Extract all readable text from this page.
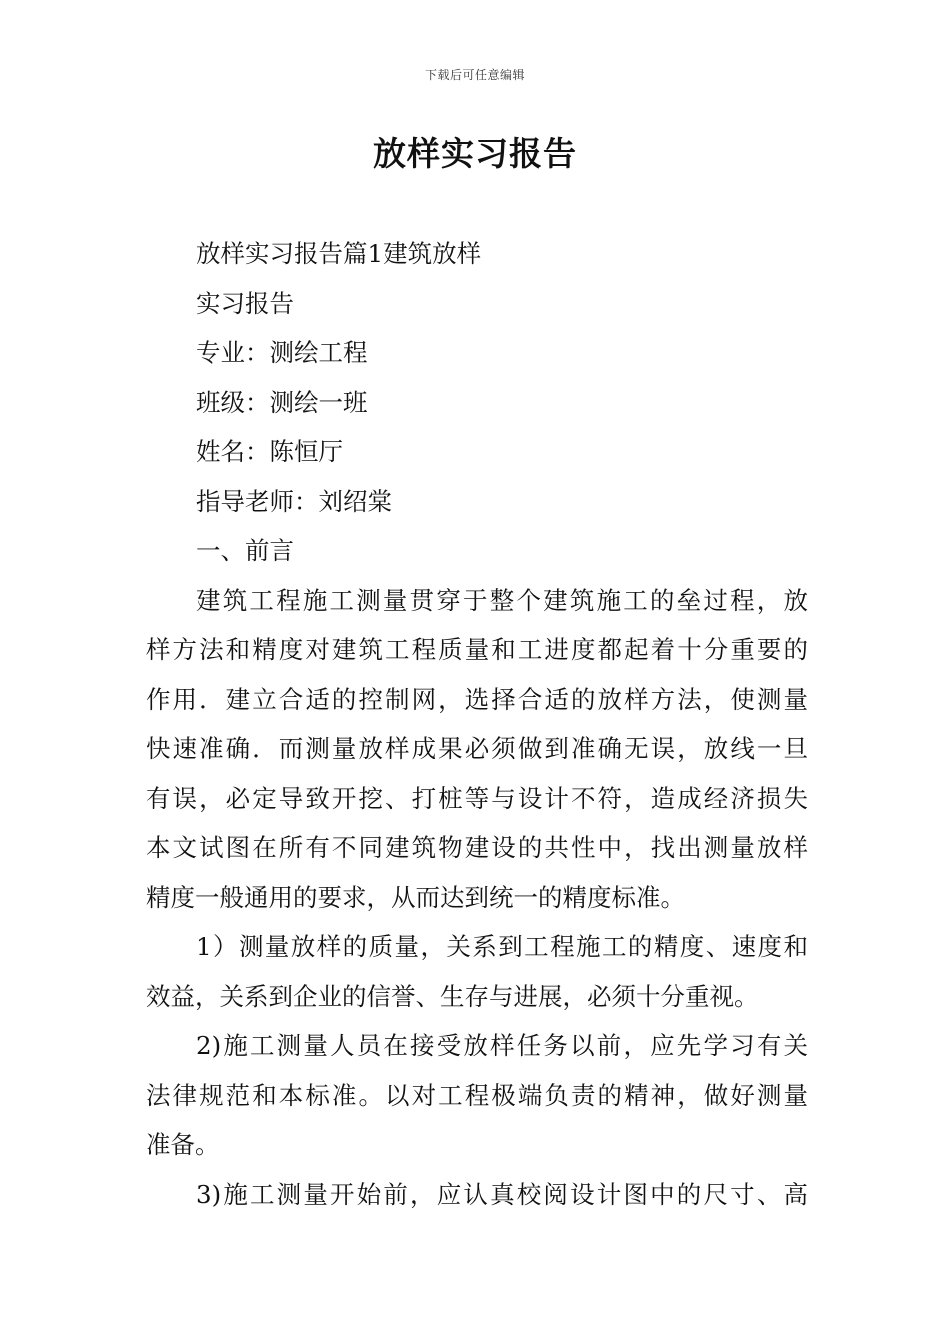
下载后可任意编辑
放样实习报告
放样实习报告篇1建筑放样
实习报告
专业：测绘工程
班级：测绘一班
姓名：陈恒厅
指导老师：刘绍棠
一、前言
建筑工程施工测量贯穿于整个建筑施工的垒过程，放
样方法和精度对建筑工程质量和工进度都起着十分重要的
作用．建立合适的控制网，选择合适的放样方法，使测量
快速准确．而测量放样成果必须做到准确无误，放线一旦
有误，必定导致开挖、打桩等与设计不符，造成经济损失
本文试图在所有不同建筑物建设的共性中，找出测量放样
精度一般通用的要求，从而达到统一的精度标准。
1）测量放样的质量，关系到工程施工的精度、速度和
效益，关系到企业的信誉、生存与进展，必须十分重视。
2)施工测量人员在接受放样任务以前，应先学习有关
法律规范和本标准。以对工程极端负责的精神，做好测量
准备。
3)施工测量开始前，应认真校阅设计图中的尺寸、高
